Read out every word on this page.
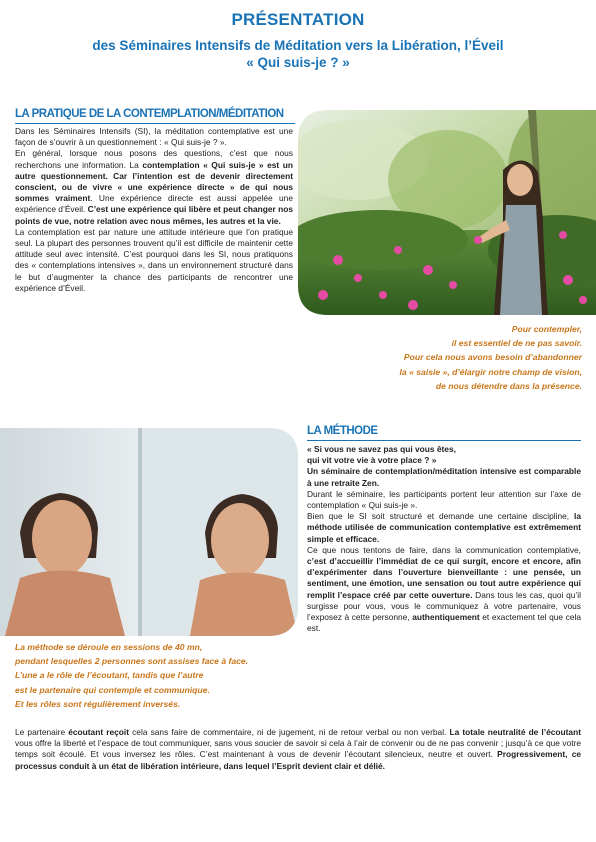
PRÉSENTATION
des Séminaires Intensifs de Méditation vers la Libération, l’Éveil
« Qui suis-je ? »
LA PRATIQUE DE LA CONTEMPLATION/MÉDITATION

Dans les Séminaires Intensifs (SI), la méditation contemplative est une façon de s’ouvrir à un questionnement : « Qui suis-je ? ».

En général, lorsque nous posons des questions, c’est que nous recherchons une information. La contemplation « Qui suis-je » est un autre questionnement. Car l’intention est de devenir directement conscient, ou de vivre « une expérience directe » de qui nous sommes vraiment. Une expérience directe est aussi appelée une expérience d’Éveil. C’est une expérience qui libère et peut changer nos points de vue, notre relation avec nous mêmes, les autres et la vie.

La contemplation est par nature une attitude intérieure que l’on pratique seul. La plupart des personnes trouvent qu’il est difficile de maintenir cette attitude seul avec intensité. C’est pourquoi dans les SI, nous pratiquons des « contemplations intensives », dans un environnement structuré dans le but d’augmenter la chance des participants de rencontrer une expérience d’Éveil.

Pour contempler,
il est essentiel de ne pas savoir.
Pour cela nous avons besoin d’abandonner
la « saisie », d’élargir notre champ de vision,
de nous détendre dans la présence.
La méthode se déroule en sessions de 40 mn,
pendant lesquelles 2 personnes sont assises face à face.
L’une a le rôle de l’écoutant, tandis que l’autre
est le partenaire qui contemple et communique.
Et les rôles sont régulièrement inversés.
LA MÉTHODE

« Si vous ne savez pas qui vous êtes,

qui vit votre vie à votre place ? »

Un séminaire de contemplation/méditation intensive est comparable à une retraite Zen.

Durant le séminaire, les participants portent leur attention sur l’axe de contemplation « Qui suis-je ».

Bien que le SI soit structuré et demande une certaine discipline, la méthode utilisée de communication contemplative est extrêmement simple et efficace.

Ce que nous tentons de faire, dans la communication contemplative, c’est d’accueillir l’immédiat de ce qui surgit, encore et encore, afin d’expérimenter dans l’ouverture bienveillante : une pensée, un sentiment, une émotion, une sensation ou tout autre expérience qui remplit l’espace créé par cette ouverture. Dans tous les cas, quoi qu’il surgisse pour vous, vous le communiquez à votre partenaire, vous l’exposez à cette personne, authentiquement et exactement tel que cela est.

Le partenaire écoutant reçoit cela sans faire de commentaire, ni de jugement, ni de retour verbal ou non verbal. La totale neutralité de l’écoutant vous offre la liberté et l’espace de tout communiquer, sans vous soucier de savoir si cela à l’air de convenir ou de ne pas convenir ; jusqu’à ce que votre temps soit écoulé. Et vous inversez les rôles. C’est maintenant à vous de devenir l’écoutant silencieux, neutre et ouvert. Progressivement, ce processus conduit à un état de libération intérieure, dans lequel l’Esprit devient clair et délié.
